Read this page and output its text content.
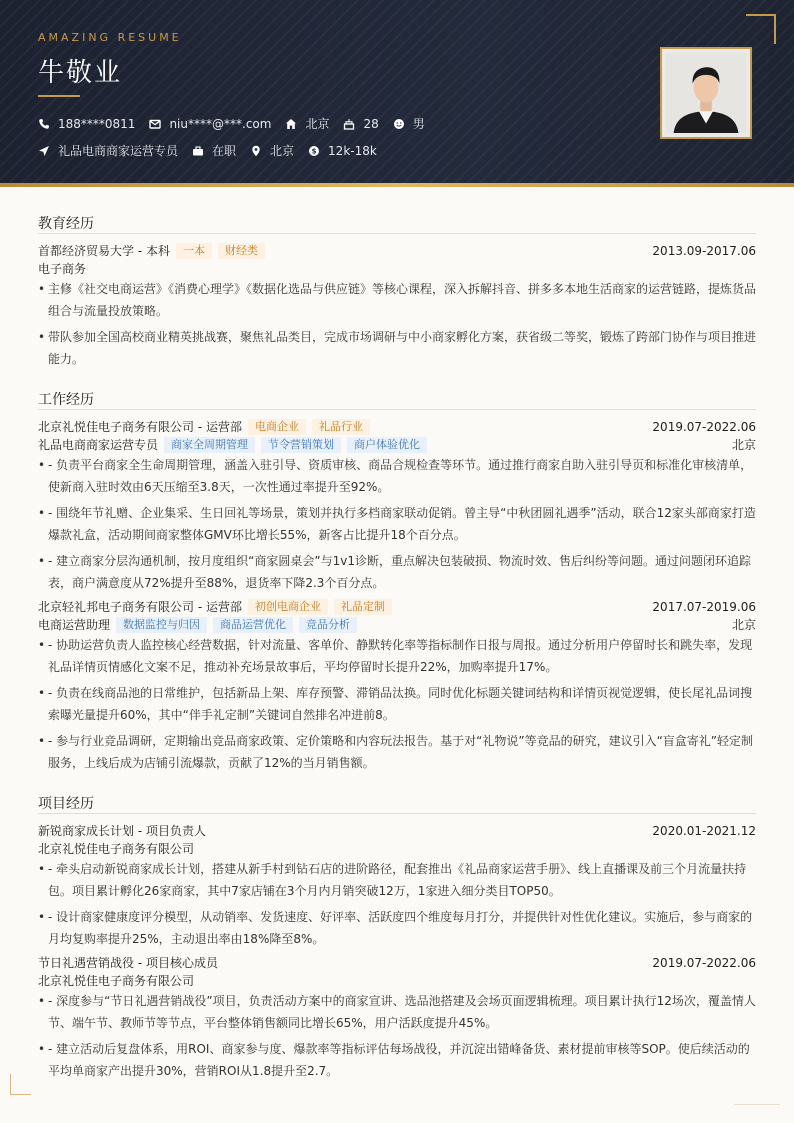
AMAZING RESUME
牛敬业
188****0811	niu****@***.com	北京	28	男
礼品电商商家运营专员	在职	北京	$ 12k-18k
教育经历
首都经济贸易大学 - 本科	一本	财经类	2013.09-2017.06
电子商务
• 主修《社交电商运营》《消费心理学》《数据化选品与供应链》等核心课程，深入拆解抖音、拼多多本地生活商家的运营链路，提炼货品组合与流量投放策略。
• 带队参加全国高校商业精英挑战赛，聚焦礼品类目，完成市场调研与中小商家孵化方案，获省级二等奖，锻炼了跨部门协作与项目推进能力。
工作经历
北京礼悦佳电子商务有限公司 - 运营部	电商企业	礼品行业	2019.07-2022.06
礼品电商商家运营专员	商家全周期管理	节令营销策划	商户体验优化	北京
• - 负责平台商家全生命周期管理，涵盖入驻引导、资质审核、商品合规检查等环节。通过推行商家自助入驻引导页和标准化审核清单，使新商入驻时效由6天压缩至3.8天，一次性通过率提升至92%。
• - 围绕年节礼赠、企业集采、生日回礼等场景，策划并执行多档商家联动促销。曾主导“中秋团圆礼遇季”活动，联合12家头部商家打造爆款礼盒，活动期间商家整体GMV环比增长55%，新客占比提升18个百分点。
• - 建立商家分层沟通机制，按月度组织“商家圆桌会”与1v1诊断，重点解决包装破损、物流时效、售后纠纷等问题。通过问题闭环追踪表，商户满意度从72%提升至88%，退货率下降2.3个百分点。
北京轻礼邦电子商务有限公司 - 运营部	初创电商企业	礼品定制	2017.07-2019.06
电商运营助理	数据监控与归因	商品运营优化	竞品分析	北京
• - 协助运营负责人监控核心经营数据，针对流量、客单价、静默转化率等指标制作日报与周报。通过分析用户停留时长和跳失率，发现礼品详情页情感化文案不足，推动补充场景故事后，平均停留时长提升22%，加购率提升17%。
• - 负责在线商品池的日常维护，包括新品上架、库存预警、滞销品汰换。同时优化标题关键词结构和详情页视觉逻辑，使长尾礼品词搜索曝光量提升60%，其中“伴手礼定制”关键词自然排名冲进前8。
• - 参与行业竞品调研，定期输出竞品商家政策、定价策略和内容玩法报告。基于对“礼物说”等竞品的研究，建议引入“盲盒寄礼”轻定制服务，上线后成为店铺引流爆款，贡献了12%的当月销售额。
项目经历
新锐商家成长计划 - 项目负责人	2020.01-2021.12
北京礼悦佳电子商务有限公司
• - 牵头启动新锐商家成长计划，搭建从新手村到钻石店的进阶路径，配套推出《礼品商家运营手册》、线上直播课及前三个月流量扶持包。项目累计孵化26家商家，其中7家店铺在3个月内月销突破12万，1家进入细分类目TOP50。
• - 设计商家健康度评分模型，从动销率、发货速度、好评率、活跃度四个维度每月打分，并提供针对性优化建议。实施后，参与商家的月均复购率提升25%，主动退出率由18%降至8%。
节日礼遇营销战役 - 项目核心成员	2019.07-2022.06
北京礼悦佳电子商务有限公司
• - 深度参与“节日礼遇营销战役”项目，负责活动方案中的商家宣讲、选品池搭建及会场页面逻辑梳理。项目累计执行12场次，覆盖情人节、端午节、教师节等节点，平台整体销售额同比增长65%，用户活跃度提升45%。
• - 建立活动后复盘体系，用ROI、商家参与度、爆款率等指标评估每场战役，并沉淀出错峰备货、素材提前审核等SOP。使后续活动的平均单商家产出提升30%，营销ROI从1.8提升至2.7。
